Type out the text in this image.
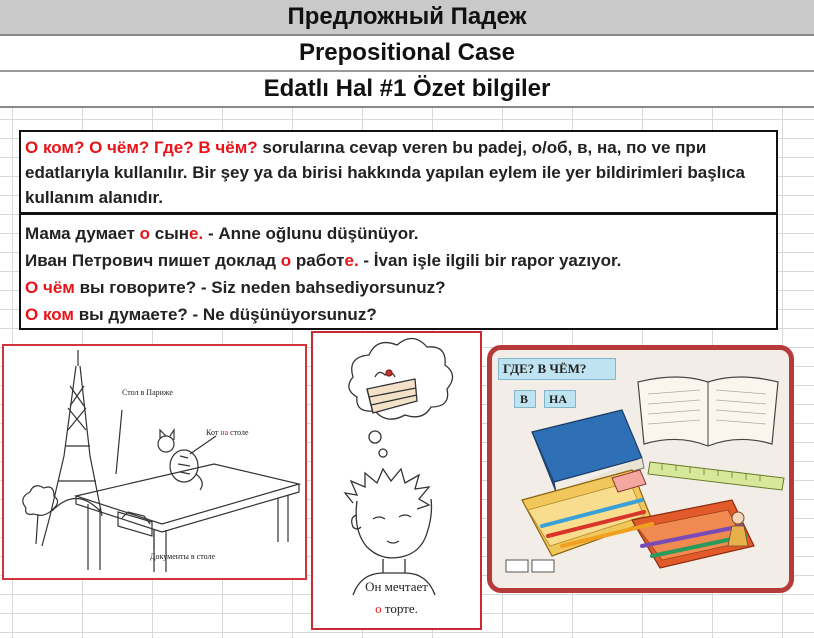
Предложный Падеж
Prepositional Case
Edatlı Hal #1 Özet bilgiler
О ком? О чём? Где? В чём? sorularına cevap veren bu padej, о/об, в, на, по ve при edatlarıyla kullanılır. Bir şey ya da birisi hakkında yapılan eylem ile yer bildirimleri başlıca kullanım alanıdır.
Мама думает о сыне. - Anne oğlunu düşünüyor.
Иван Петрович пишет доклад о работе. - İvan işle ilgili bir rapor yazıyor.
О чём вы говорите? - Siz neden bahsediyorsunuz?
О ком вы думаете? - Ne düşünüyorsunuz?
Стол в Париже
Кот на столе
Документы в столе
Он мечтает
о торте.
ГДЕ? В ЧЁМ?
В НА
